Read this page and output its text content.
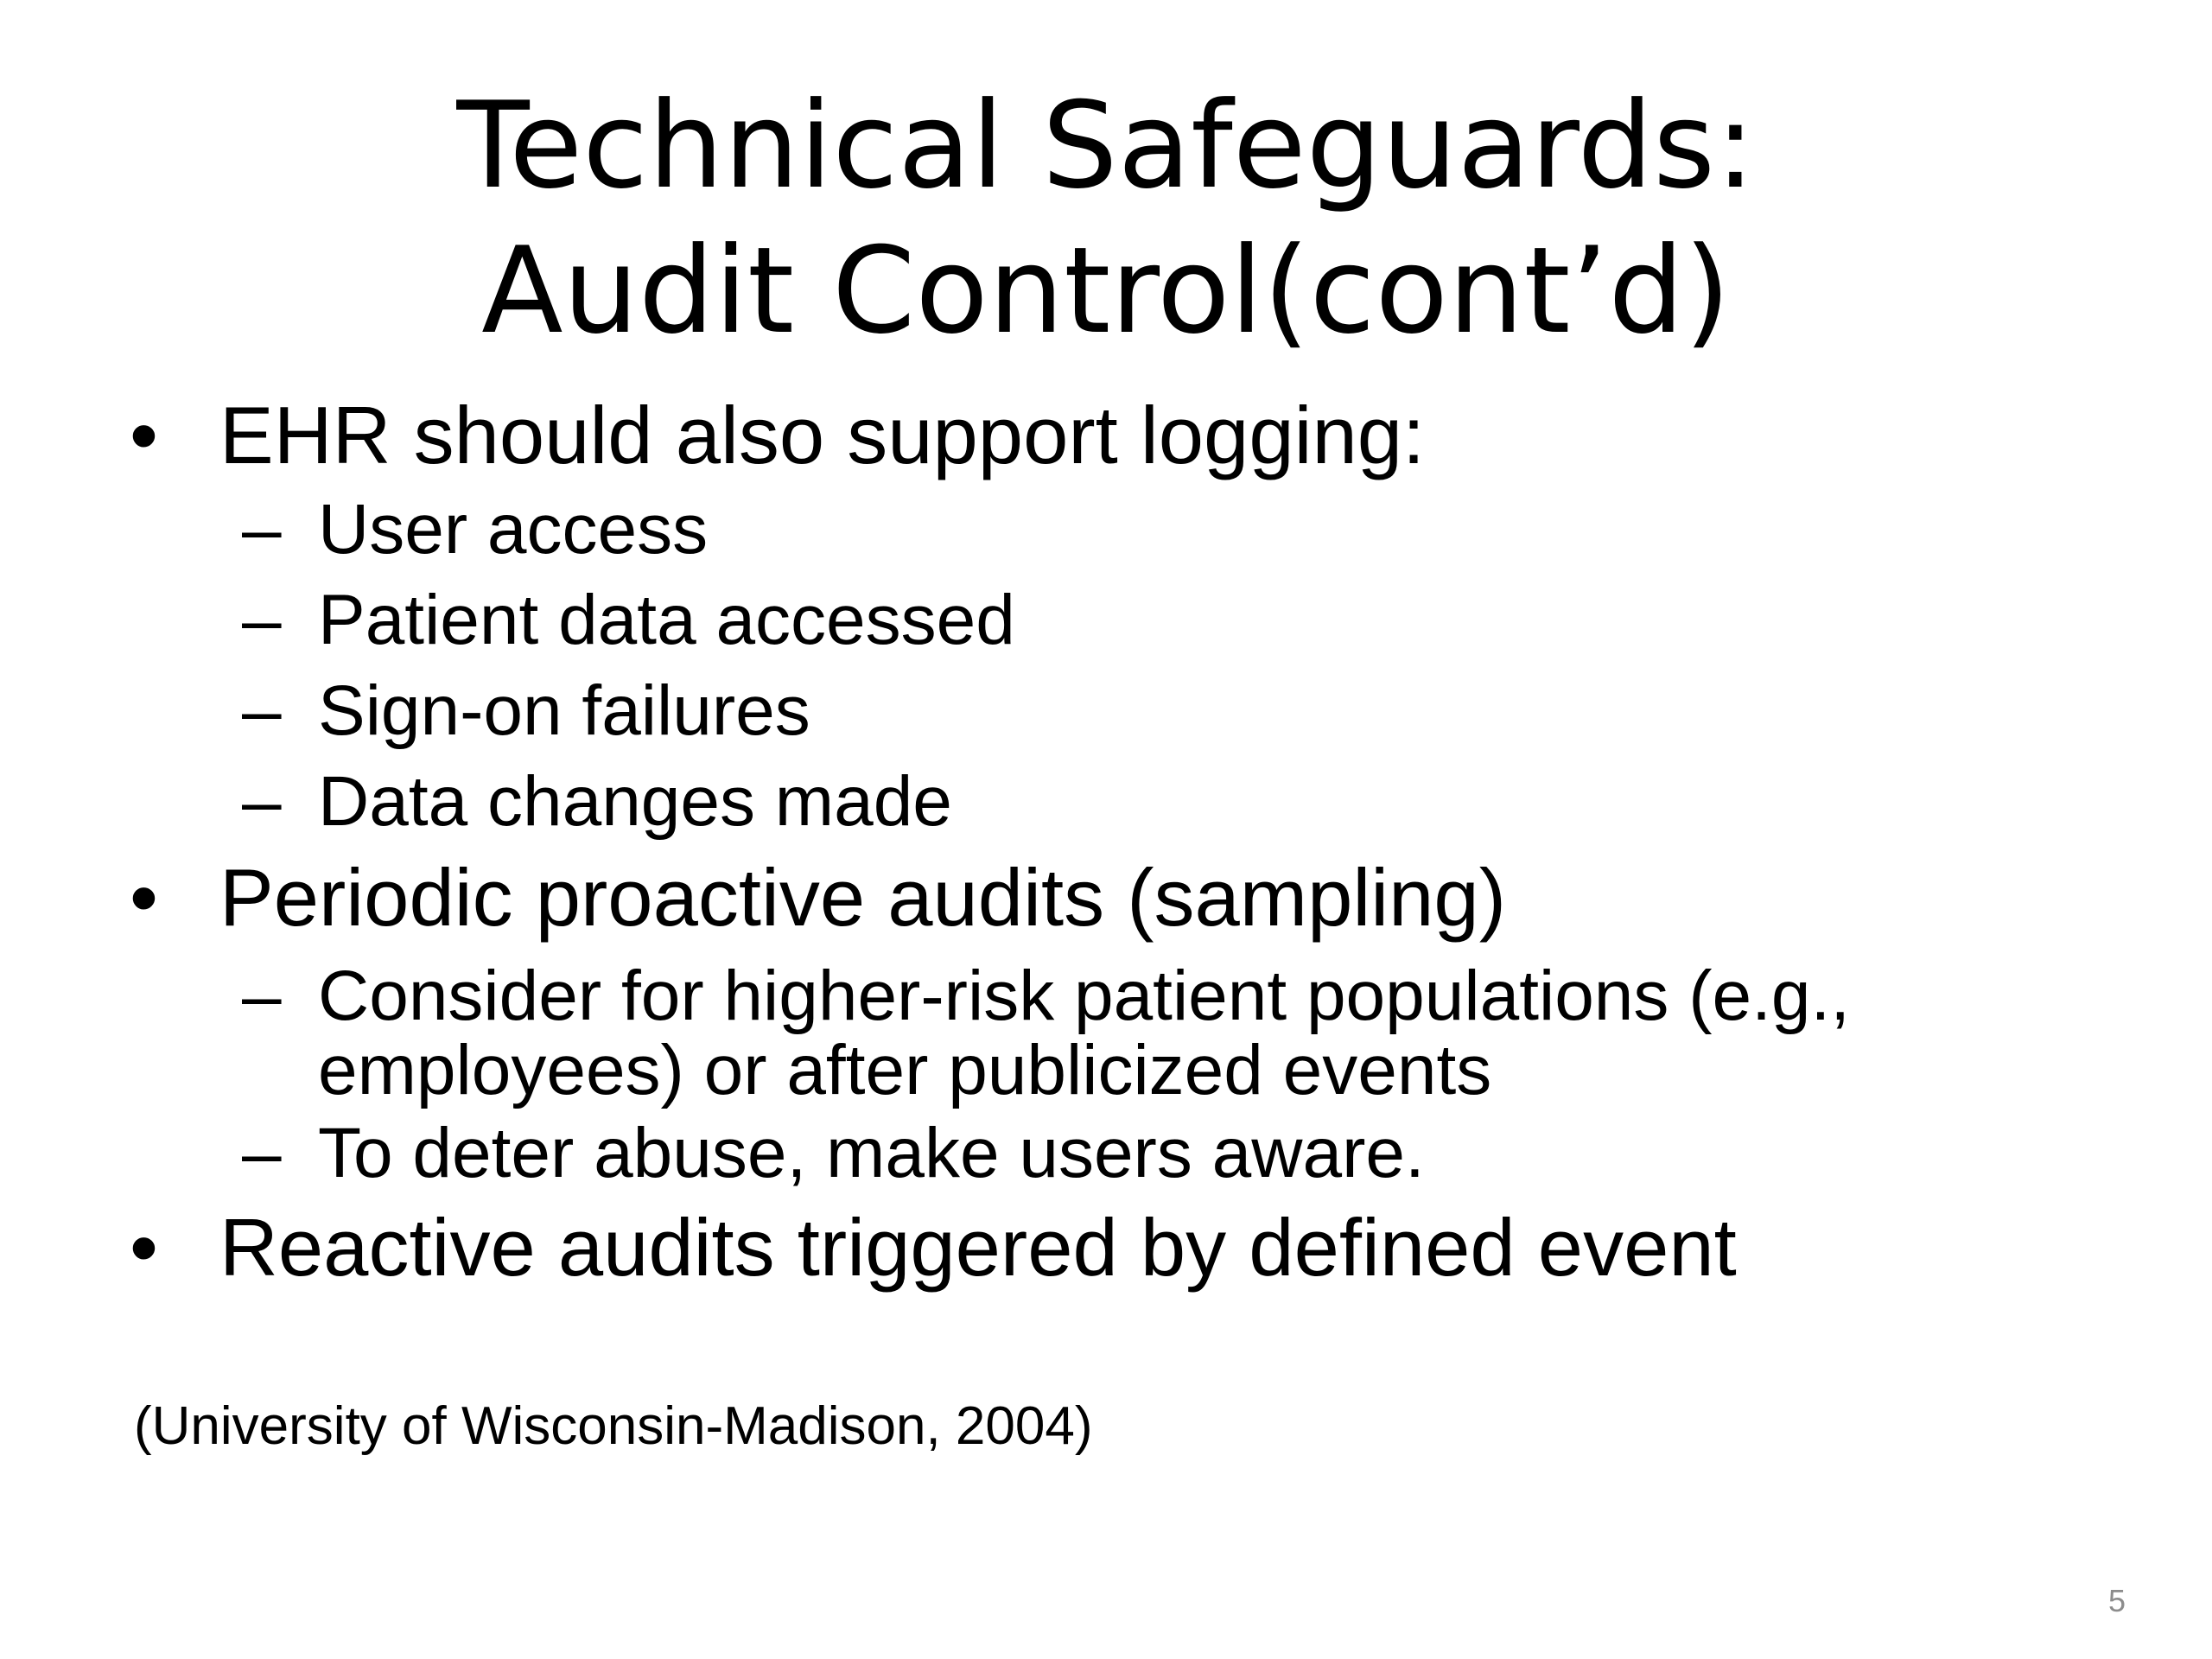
Technical Safeguards:
Audit Control(cont’d)
• EHR should also support logging:
– User access
– Patient data accessed
– Sign-on failures
– Data changes made
• Periodic proactive audits (sampling)
– Consider for higher-risk patient populations (e.g.,
employees) or after publicized events
– To deter abuse, make users aware.
• Reactive audits triggered by defined event
(University of Wisconsin-Madison, 2004)
5
